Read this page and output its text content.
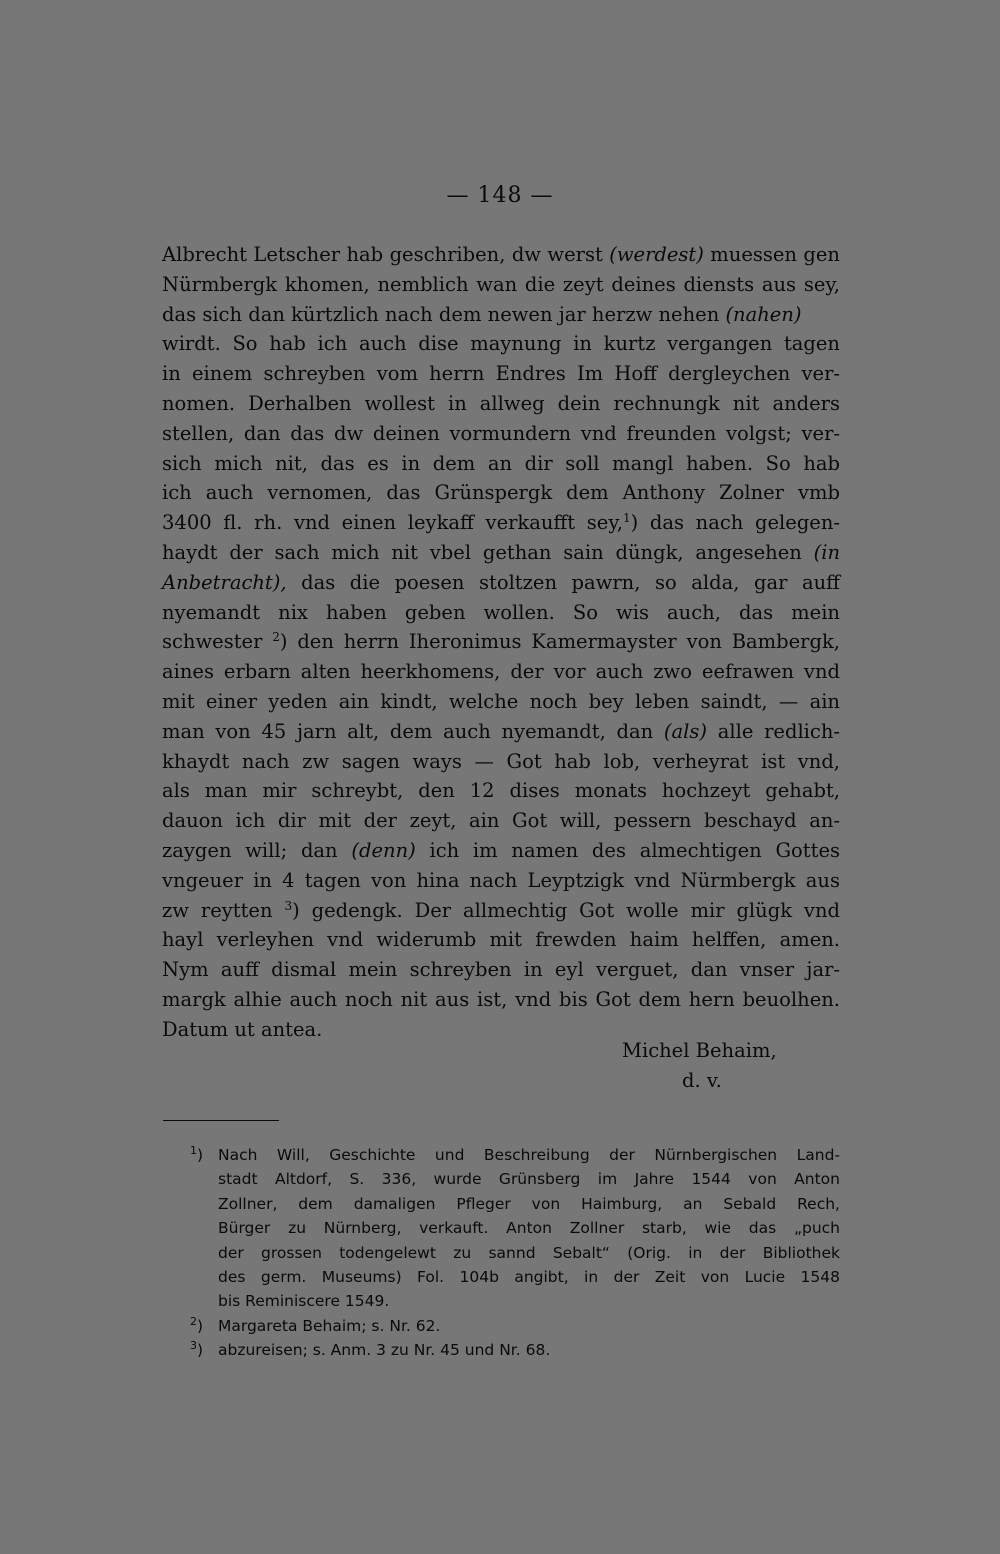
— 148 —
Albrecht Letscher hab geschriben, dw werst (werdest) muessen gen
Nürmbergk khomen, nemblich wan die zeyt deines diensts aus sey,
das sich dan kürtzlich nach dem newen jar herzw nehen (nahen)
wirdt. So hab ich auch dise maynung in kurtz vergangen tagen
in einem schreyben vom herrn Endres Im Hoff dergleychen ver-
nomen. Derhalben wollest in allweg dein rechnungk nit anders
stellen, dan das dw deinen vormundern vnd freunden volgst; ver-
sich mich nit, das es in dem an dir soll mangl haben. So hab
ich auch vernomen, das Grünspergk dem Anthony Zolner vmb
3400 fl. rh. vnd einen leykaff verkaufft sey,$^1$) das nach gelegen-
haydt der sach mich nit vbel gethan sain düngk, angesehen (in
Anbetracht), das die poesen stoltzen pawrn, so alda, gar auff
nyemandt nix haben geben wollen. So wis auch, das mein
schwester $^2$) den herrn Iheronimus Kamermayster von Bambergk,
aines erbarn alten heerkhomens, der vor auch zwo eefrawen vnd
mit einer yeden ain kindt, welche noch bey leben saindt, — ain
man von 45 jarn alt, dem auch nyemandt, dan (als) alle redlich-
khaydt nach zw sagen ways — Got hab lob, verheyrat ist vnd,
als man mir schreybt, den 12 dises monats hochzeyt gehabt,
dauon ich dir mit der zeyt, ain Got will, pessern beschayd an-
zaygen will; dan (denn) ich im namen des almechtigen Gottes
vngeuer in 4 tagen von hina nach Leyptzigk vnd Nürmbergk aus
zw reytten $^3$) gedengk. Der allmechtig Got wolle mir glügk vnd
hayl verleyhen vnd widerumb mit frewden haim helffen, amen.
Nym auff dismal mein schreyben in eyl verguet, dan vnser jar-
margk alhie auch noch nit aus ist, vnd bis Got dem hern beuolhen.
Datum ut antea.
Michel Behaim,
d. v.
$^1$) Nach Will, Geschichte und Beschreibung der Nürnbergischen Land-
stadt Altdorf, S. 336, wurde Grünsberg im Jahre 1544 von Anton
Zollner, dem damaligen Pfleger von Haimburg, an Sebald Rech,
Bürger zu Nürnberg, verkauft. Anton Zollner starb, wie das „puch
der grossen todengelewt zu sannd Sebalt“ (Orig. in der Bibliothek
des germ. Museums) Fol. 104b angibt, in der Zeit von Lucie 1548
bis Reminiscere 1549.
$^2$) Margareta Behaim; s. Nr. 62.
$^3$) abzureisen; s. Anm. 3 zu Nr. 45 und Nr. 68.
